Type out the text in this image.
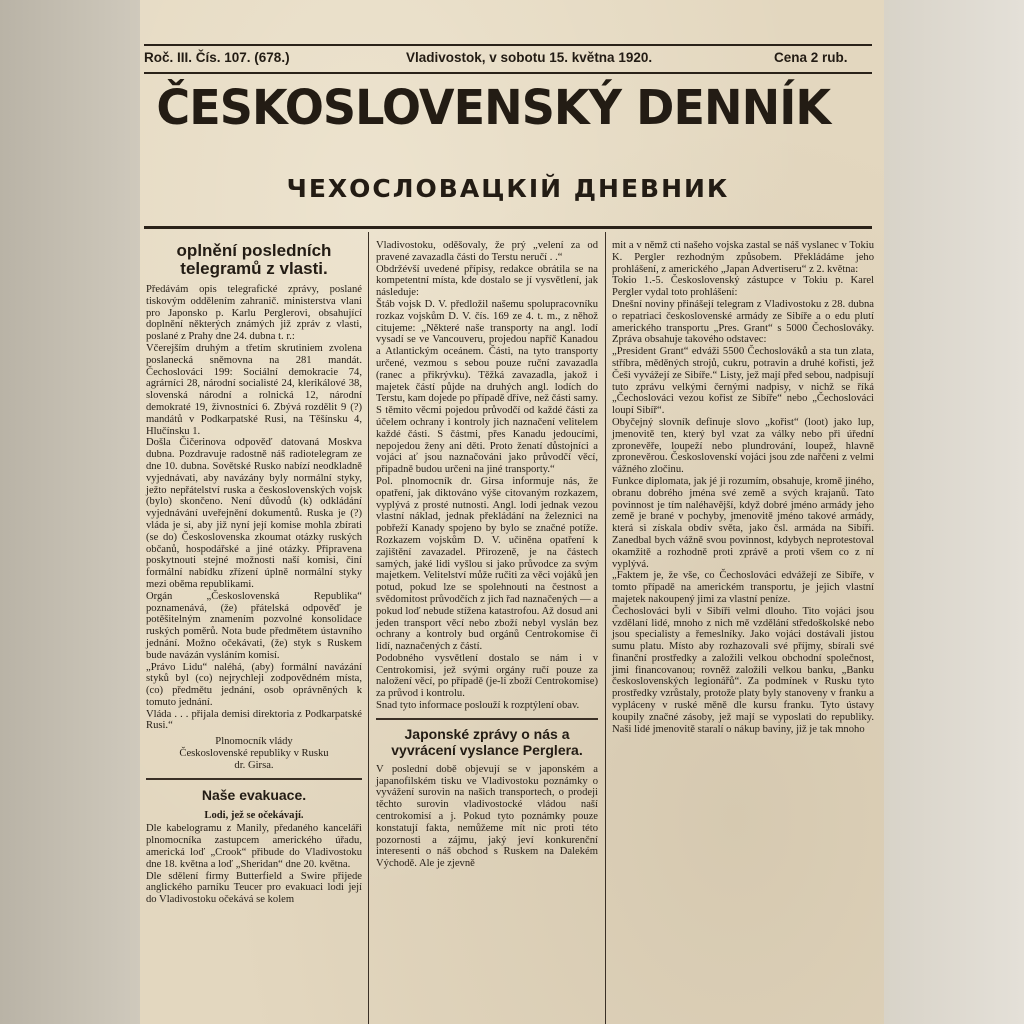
Roč. III. Čís. 107. (678.)	Vladivostok, v sobotu 15. května 1920.	Cena 2 rub.
ČESKOSLOVENSKÝ DENNÍK
ЧЕХОСЛОВАЦКІЙ ДНЕВНИК
oplnění posledních telegramů z vlasti.

Předávám opis telegrafické zprávy, poslané tiskovým oddělením zahranič. ministerstva vlani pro Japonsko p. Karlu Perglerovi, obsahující doplnění některých známých již zpráv z vlasti, poslané z Prahy dne 24. dubna t. r.:

Včerejším druhým a třetím skrutiniem zvolena poslanecká sněmovna na 281 mandát. Čechoslováci 199: Sociální demokracie 74, agrárníci 28, národní socialisté 24, klerikálové 38, slovenská národní a rolnická 12, národní demokraté 19, živnostníci 6. Zbývá rozdělit 9 (?) mandátů v Podkarpatské Rusi, na Těšínsku 4, Hlučínsku 1.

Došla Čičerinova odpověď datovaná Moskva dubna. Pozdravuje radostně náš radiotelegram ze dne 10. dubna. Sovětské Rusko nabízí neodkladně vyjednávati, aby navázány byly normální styky, ježto nepřátelství ruska a československých vojsk (bylo) skončeno. Není důvodů (k) odkládání vyjednávání uveřejnění dokumentů. Ruska je (?) vláda je si, aby již nyní její komise mohla zbírati (se do) Československa zkoumat otázky ruských občanů, hospodářské a jiné otázky. Připravena poskytnouti stejné možnosti naší komisi, činí formální nabídku zřízení úplně normální styky mezi oběma republikami.

Orgán „Československá Republika“ poznamenává, (že) přátelská odpověď je potěšitelným znamením pozvolné konsolidace ruských poměrů. Nota bude předmětem ústavního jednání. Možno očekávati, (že) styk s Ruskem bude navázán vysláním komisí.

„Právo Lidu“ naléhá, (aby) formální navázání styků byl (co) nejrychleji zodpovědném místa, (co) předmětu jednání, osob oprávněných k tomuto jednání.

Vláda . . . přijala demisi direktoria z Podkarpatské Rusi.“

Plnomocník vlády

Československé republiky v Rusku

dr. Girsa.

Naše evakuace.
Lodi, jež se očekávají.

Dle kabelogramu z Manily, předaného kanceláři plnomocníka zastupcem amerického úřadu, americká loď „Crook“ přibude do Vladivostoku dne 18. května a loď „Sheridan“ dne 20. května.

Dle sdělení firmy Butterfield a Swire přijede anglického parníku Teucer pro evakuaci lodi její do Vladivostoku očekává se kolem

Vladivostoku, oděšovaly, že prý „velení za od pravené zavazadla části do Terstu neručí . .“

Obdržévší uvedené přípisy, redakce obrátila se na kompetentní místa, kde dostalo se jí vysvětlení, jak následuje:

Štáb vojsk D. V. předložil našemu spolupracovníku rozkaz vojskům D. V. čís. 169 ze 4. t. m., z něhož citujeme: „Některé naše transporty na angl. lodí vysadí se ve Vancouveru, projedou napříč Kanadou a Atlantickým oceánem. Části, na tyto transporty určené, vezmou s sebou pouze ruční zavazadla (ranec a přikrývku). Těžká zavazadla, jakož i majetek částí půjde na druhých angl. lodích do Terstu, kam dojede po případě dříve, než části samy. S těmito věcmi pojedou průvodčí od každé části za účelem ochrany i kontroly jich naznačení velitelem každé části. S částmi, přes Kanadu jedoucími, nepojedou ženy ani děti. Proto ženatí důstojníci a vojáci ať jsou naznačováni jako průvodčí věcí, připadně budou určeni na jiné transporty.“

Pol. plnomocník dr. Girsa informuje nás, že opatření, jak diktováno výše citovaným rozkazem, vyplývá z prosté nutnosti. Angl. lodi jednak vezou vlastní náklad, jednak překládání na železnici na pobřeží Kanady spojeno by bylo se značné potíže. Rozkazem vojskům D. V. učiněna opatření k zajištění zavazadel. Přirozeně, je na částech samých, jaké lidi vyšlou si jako průvodce za svým majetkem. Velitelství může ručiti za věci vojáků jen potud, pokud lze se spolehnouti na čestnost a svědomitost průvodčích z jich řad naznačených — a pokud loď nebude stížena katastrofou. Až dosud ani jeden transport věcí nebo zboží nebyl vyslán bez ochrany a kontroly bud orgánů Centrokomise či lidí, naznačených z částí.

Podobného vysvětlení dostalo se nám i v Centrokomisi, jež svými orgány ručí pouze za naložení věcí, po případě (je-li zboží Centrokomise) za průvod i kontrolu.

Snad tyto informace poslouží k rozptýlení obav.

Japonské zprávy o nás a vyvrácení vyslance Perglera.

V poslední době objevují se v japonském a japanofilském tisku ve Vladivostoku poznámky o vyvážení surovin na našich transportech, o prodeji těchto surovin vladivostocké vládou naší centrokomisí a j. Pokud tyto poznámky pouze konstatují fakta, nemůžeme mít nic proti této pozornosti a zájmu, jaký jeví konkurenční interesenti o náš obchod s Ruskem na Dalekém Východě. Ale je zjevně

mit a v němž cti našeho vojska zastal se náš vyslanec v Tokiu K. Pergler rezhodným způsobem. Překládáme jeho prohlášení, z amerického „Japan Advertiseru“ z 2. května:

Tokio 1.-5. Československý zástupce v Tokiu p. Karel Pergler vydal toto prohlášení:

Dnešní noviny přinášejí telegram z Vladivostoku z 28. dubna o repatriaci československé armády ze Sibíře a o edu plutí amerického transportu „Pres. Grant“ s 5000 Čechoslováky. Zpráva obsahuje takového odstavec:

„President Grant“ edváži 5500 Čechoslováků a sta tun zlata, stříbra, měděných strojů, cukru, potravin a druhé kořisti, jež Češi vyvážejí ze Sibíře.“ Listy, jež mají před sebou, nadpisují tuto zprávu velkými černými nadpisy, v nichž se říká „Čechoslováci vezou kořist ze Sibíře“ nebo „Čechoslováci loupí Sibíř“.

Obyčejný slovník definuje slovo „kořist“ (loot) jako lup, jmenovitě ten, který byl vzat za války nebo při úřední zpronevěře, loupeží nebo plundrování, loupež, hlavně zpronevěrou. Československí vojáci jsou zde nařčeni z velmi vážného zločinu.

Funkce diplomata, jak jé ji rozumím, obsahuje, kromě jiného, obranu dobrého jména své země a svých krajanů. Tato povinnost je tím naléhavější, když dobré jméno armády jeho země je brané v pochyby, jmenovitě jméno takové armády, která si získala obdiv světa, jako čsl. armáda na Sibíři. Zanedbal bych vážně svou povinnost, kdybych neprotestoval okamžitě a rozhodně proti zprávě a proti všem co z ní vyplývá.

„Faktem je, že vše, co Čechoslováci edvážejí ze Sibíře, v tomto případě na americkém transportu, je jejich vlastní majetek nakoupený jimi za vlastní peníze.

Čechoslováci byli v Sibíři velmi dlouho. Tito vojáci jsou vzdělaní lidé, mnoho z nich mě vzdělání středoškolské nebo jsou specialisty a řemeslníky. Jako vojáci dostávali jistou sumu platu. Místo aby rozhazovali své příjmy, sbírali své finanční prostředky a založili velkou obchodní společnost, jimi financovanou; rovněž založili velkou banku, „Banku československých legionářů“. Za podmínek v Rusku tyto prostředky vzrůstaly, protože platy byly stanoveny v franku a vypláceny v ruské měně dle kursu franku. Tyto ústavy koupily značné zásoby, jež mají se vyposlati do republiky. Naši lidé jmenovitě staralí o nákup baviny, již je tak mnoho
